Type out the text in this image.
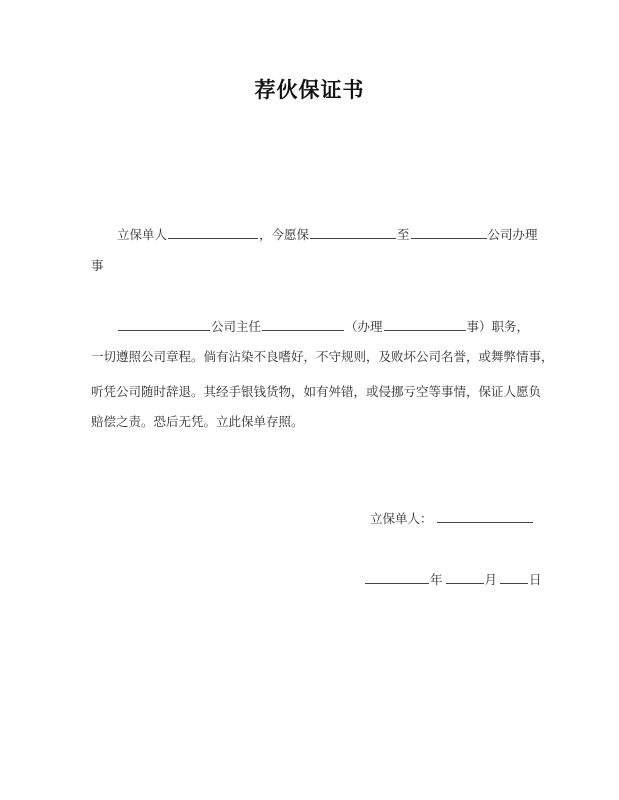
荐伙保证书
立保单人	，今愿保	至	公司办理
事
公司主任	（办理	事）职务，
一切遵照公司章程。倘有沾染不良嗜好，不守规则，及败坏公司名誉，或舞弊情事，
听凭公司随时辞退。其经手银钱货物，如有舛错，或侵挪亏空等事情，保证人愿负
赔偿之责。恐后无凭。立此保单存照。
立保单人：
年	月	日
